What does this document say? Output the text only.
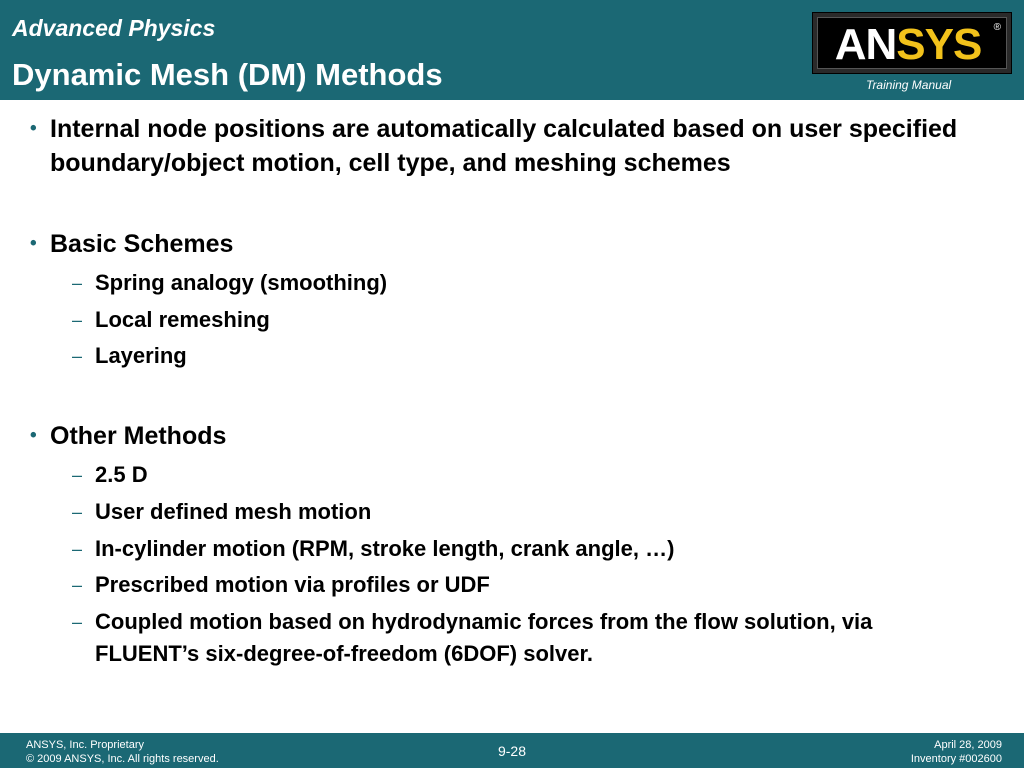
Advanced Physics
Dynamic Mesh (DM) Methods
ANSYS	®
Training Manual
• Internal node positions are automatically calculated based on user specified boundary/object motion, cell type, and meshing schemes
• Basic Schemes
– Spring analogy (smoothing)
– Local remeshing
– Layering
• Other Methods
– 2.5 D
– User defined mesh motion
– In-cylinder motion (RPM, stroke length, crank angle, …)
– Prescribed motion via profiles or UDF
– Coupled motion based on hydrodynamic forces from the flow solution, via FLUENT’s six-degree-of-freedom (6DOF) solver.
ANSYS, Inc. Proprietary
© 2009 ANSYS, Inc. All rights reserved.	9-28	April 28, 2009
Inventory #002600
